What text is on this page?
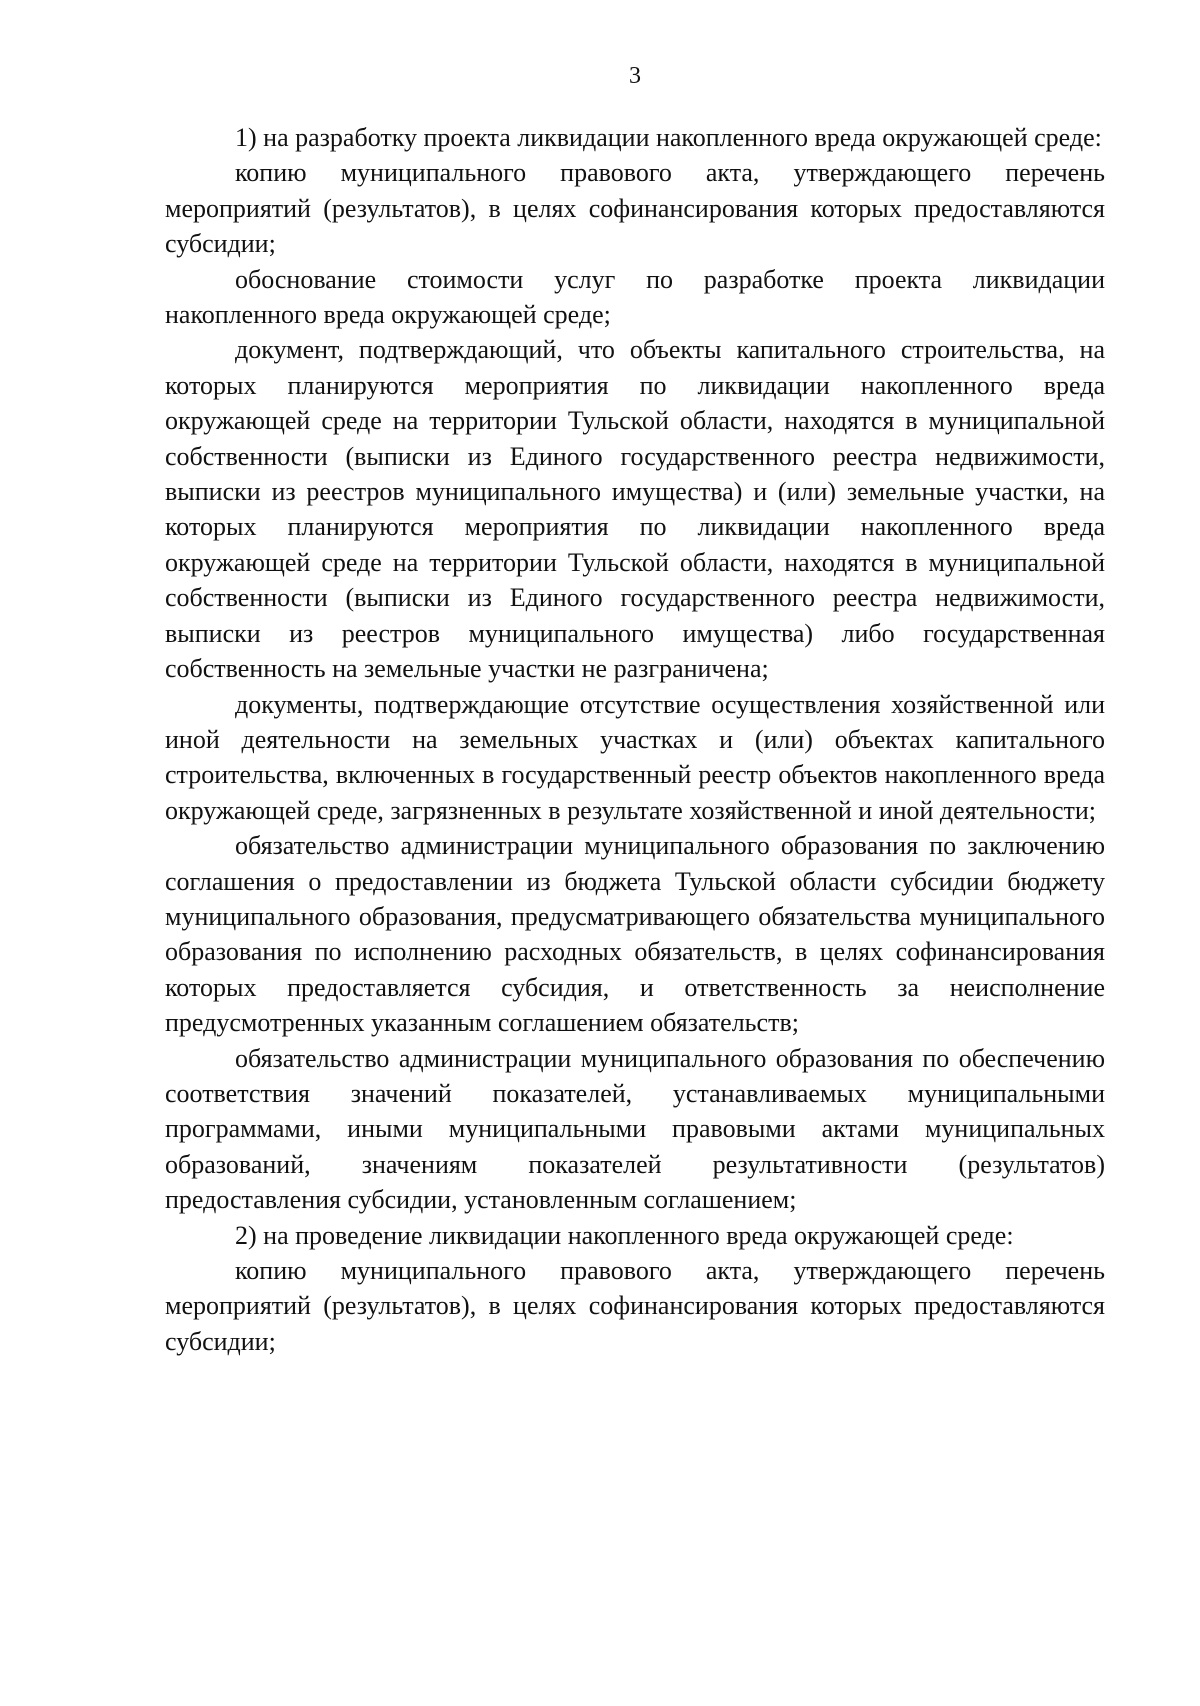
3

1) на разработку проекта ликвидации накопленного вреда окружающей среде:

копию муниципального правового акта, утверждающего перечень мероприятий (результатов), в целях софинансирования которых предоставляются субсидии;

обоснование стоимости услуг по разработке проекта ликвидации накопленного вреда окружающей среде;

документ, подтверждающий, что объекты капитального строительства, на которых планируются мероприятия по ликвидации накопленного вреда окружающей среде на территории Тульской области, находятся в муниципальной собственности (выписки из Единого государственного реестра недвижимости, выписки из реестров муниципального имущества) и (или) земельные участки, на которых планируются мероприятия по ликвидации накопленного вреда окружающей среде на территории Тульской области, находятся в муниципальной собственности (выписки из Единого государственного реестра недвижимости, выписки из реестров муниципального имущества) либо государственная собственность на земельные участки не разграничена;

документы, подтверждающие отсутствие осуществления хозяйственной или иной деятельности на земельных участках и (или) объектах капитального строительства, включенных в государственный реестр объектов накопленного вреда окружающей среде, загрязненных в результате хозяйственной и иной деятельности;

обязательство администрации муниципального образования по заключению соглашения о предоставлении из бюджета Тульской области субсидии бюджету муниципального образования, предусматривающего обязательства муниципального образования по исполнению расходных обязательств, в целях софинансирования которых предоставляется субсидия, и ответственность за неисполнение предусмотренных указанным соглашением обязательств;

обязательство администрации муниципального образования по обеспечению соответствия значений показателей, устанавливаемых муниципальными программами, иными муниципальными правовыми актами муниципальных образований, значениям показателей результативности (результатов) предоставления субсидии, установленным соглашением;

2) на проведение ликвидации накопленного вреда окружающей среде:

копию муниципального правового акта, утверждающего перечень мероприятий (результатов), в целях софинансирования которых предоставляются субсидии;
